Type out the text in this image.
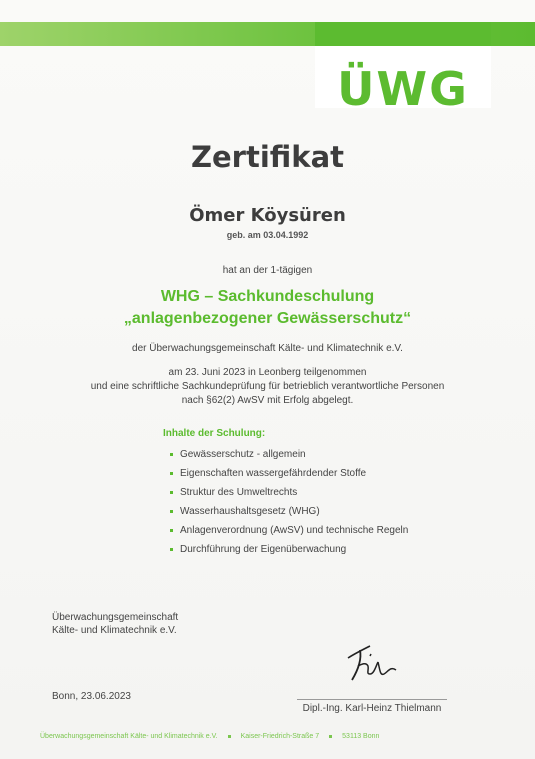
ÜWG
Zertifikat
Ömer Köysüren
geb. am 03.04.1992
hat an der 1-tägigen
WHG – Sachkundeschulung
„anlagenbezogener Gewässerschutz“
der Überwachungsgemeinschaft Kälte- und Klimatechnik e.V.
am 23. Juni 2023 in Leonberg teilgenommen
und eine schriftliche Sachkundeprüfung für betrieblich verantwortliche Personen
nach §62(2) AwSV mit Erfolg abgelegt.
Inhalte der Schulung:
Gewässerschutz - allgemein
Eigenschaften wassergefährdender Stoffe
Struktur des Umweltrechts
Wasserhaushaltsgesetz (WHG)
Anlagenverordnung (AwSV) und technische Regeln
Durchführung der Eigenüberwachung
Überwachungsgemeinschaft
Kälte- und Klimatechnik e.V.
Bonn, 23.06.2023
Dipl.-Ing. Karl-Heinz Thielmann
Überwachungsgemeinschaft Kälte- und Klimatechnik e.V.	Kaiser-Friedrich-Straße 7	53113 Bonn
